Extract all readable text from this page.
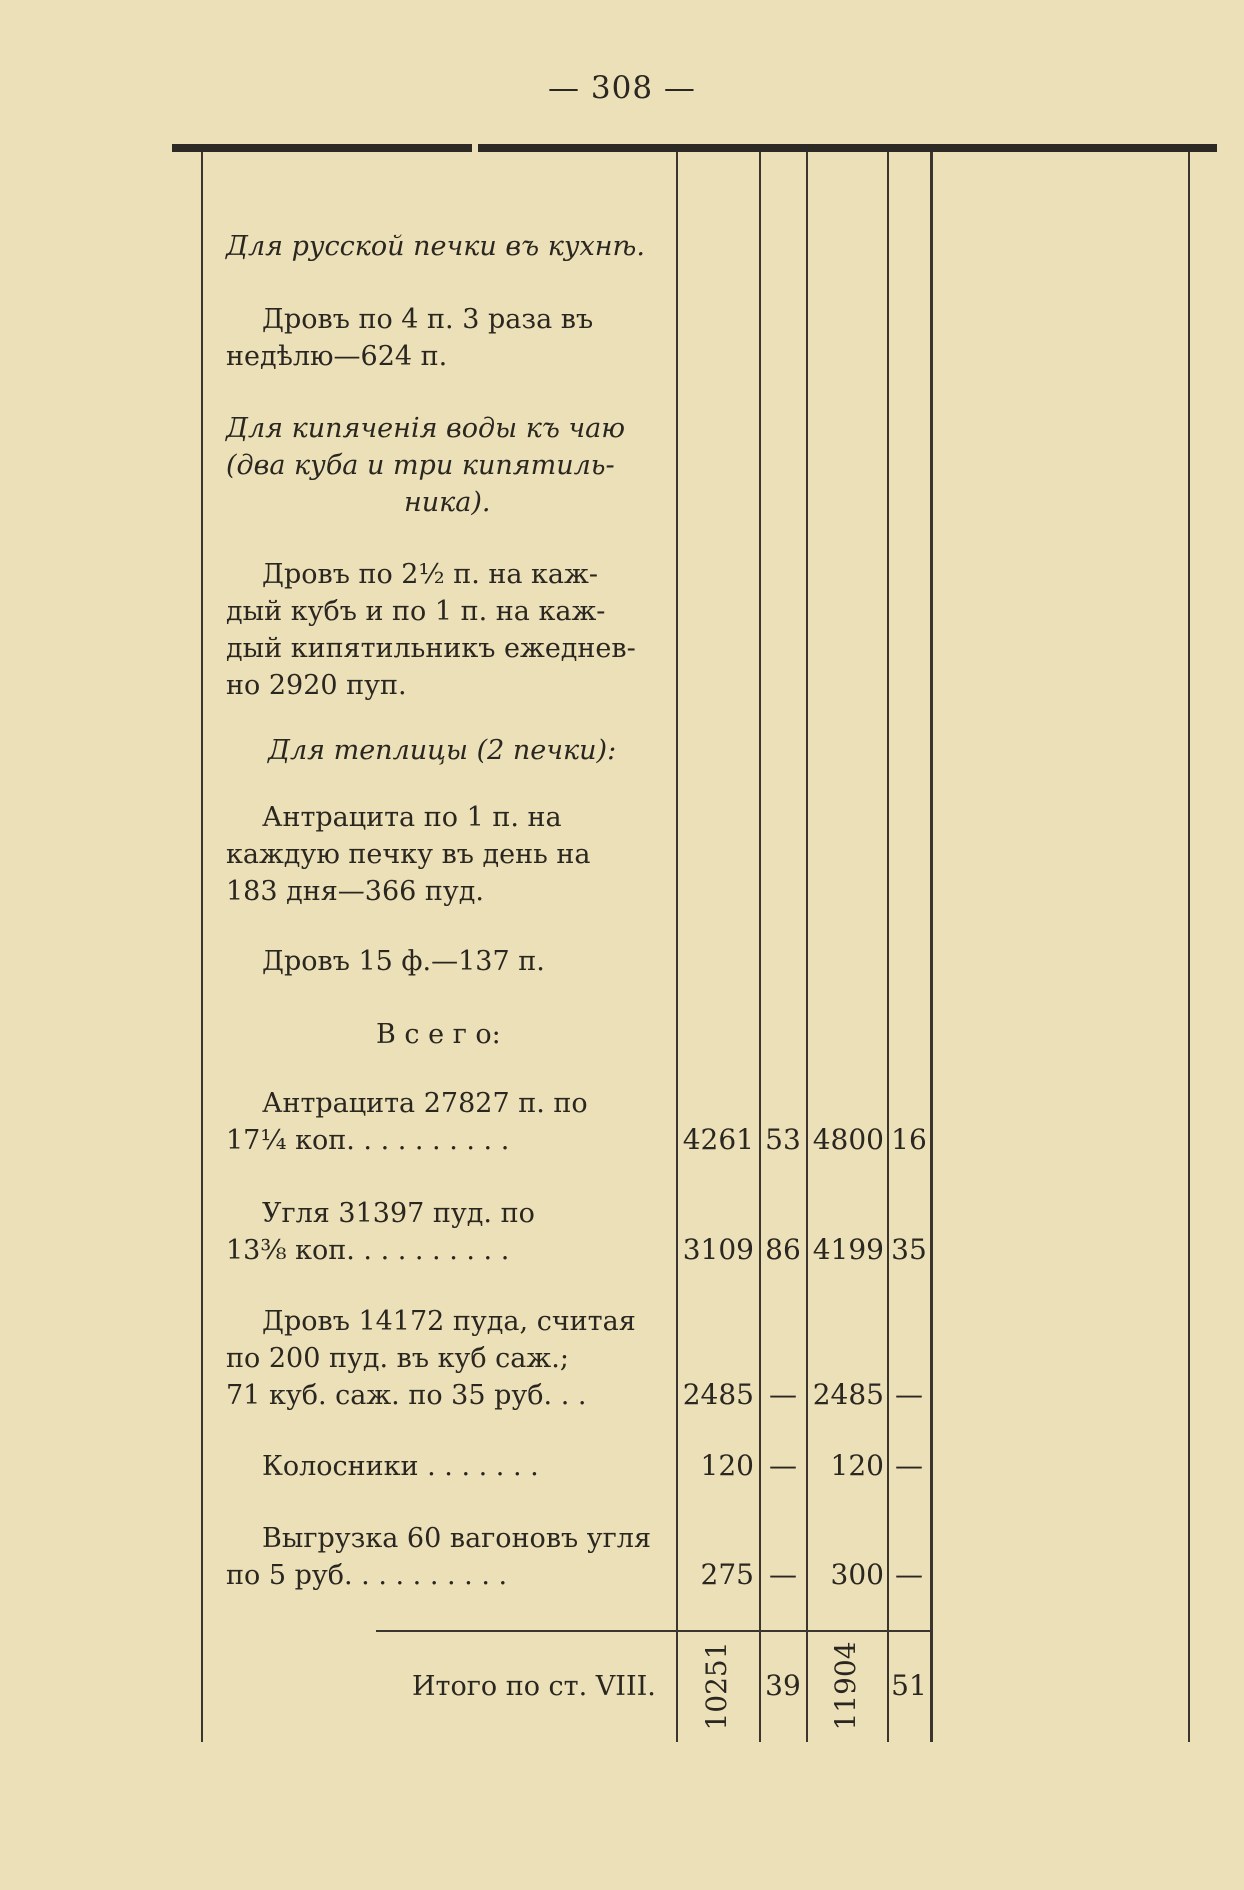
— 308 —
Для русской печки въ кухнѣ.
Дровъ по 4 п. 3 раза въ
недѣлю—624 п.
Для кипяченія воды къ чаю
(два куба и три кипятиль-
ника).
Дровъ по 2½ п. на каж-
дый кубъ и по 1 п. на каж-
дый кипятильникъ ежеднев-
но 2920 пуп.
Для теплицы (2 печки):
Антрацита по 1 п. на
каждую печку въ день на
183 дня—366 пуд.
Дровъ 15 ф.—137 п.
В с е г о:
Антрацита 27827 п. по
17¼ коп. . . . . . . . . .	4261 53 4800 16
Угля 31397 пуд. по
13⅜ коп. . . . . . . . . .	3109 86 4199 35
Дровъ 14172 пуда, считая
по 200 пуд. въ куб саж.;
71 куб. саж. по 35 руб. . .	2485 — 2485 —
Колосники . . . . . . .	120 —	120 —
Выгрузка 60 вагоновъ угля
по 5 руб. . . . . . . . . .	275 —	300 —
Итого по ст. VIII. 10251 39 11904 51
